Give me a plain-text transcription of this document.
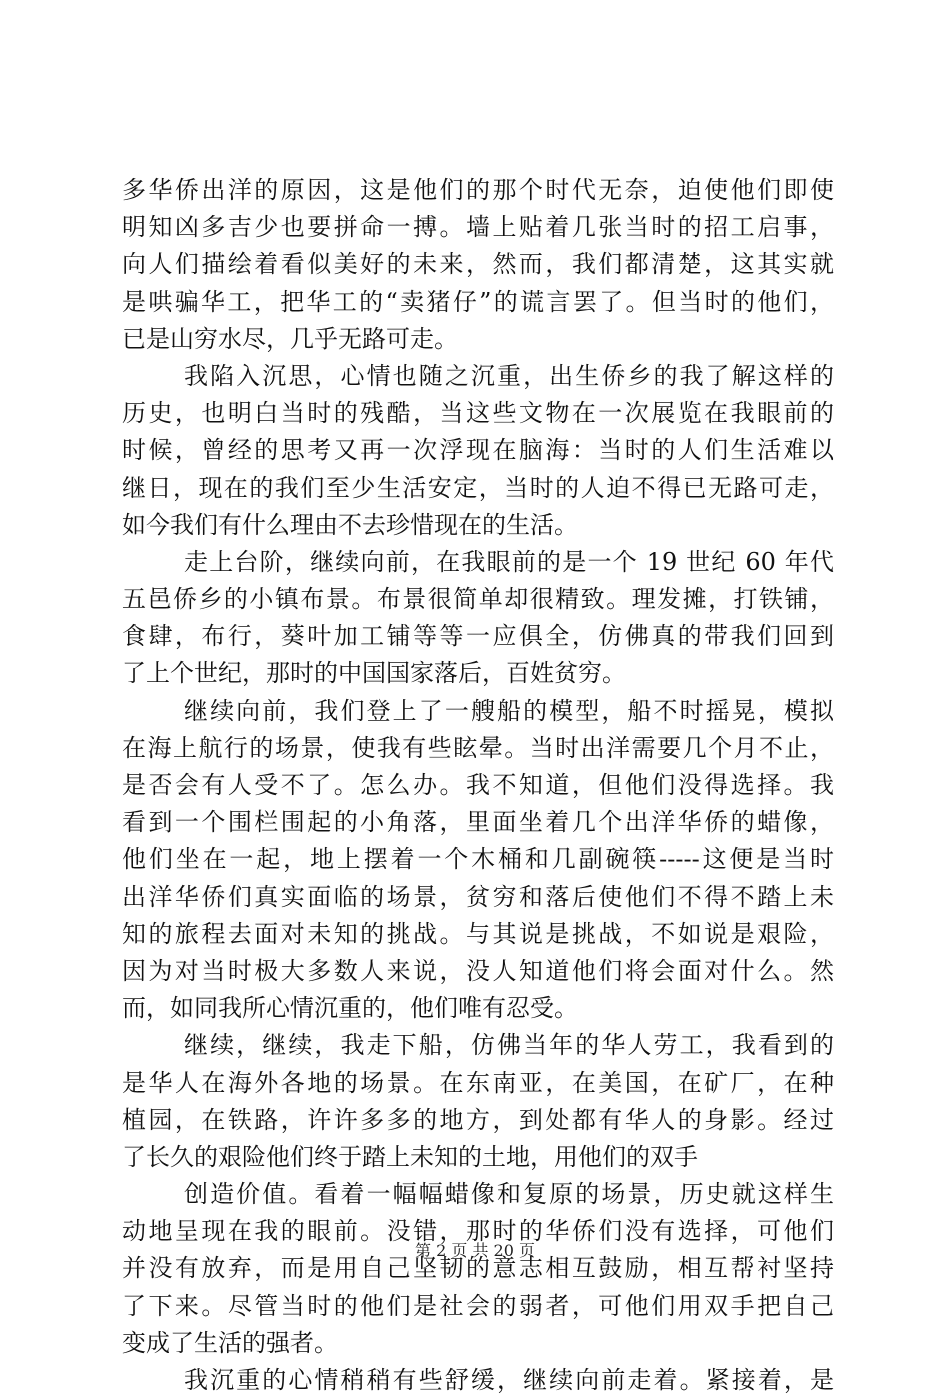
多华侨出洋的原因，这是他们的那个时代无奈，迫使他们即使
明知凶多吉少也要拼命一搏。墙上贴着几张当时的招工启事，
向人们描绘着看似美好的未来，然而，我们都清楚，这其实就
是哄骗华工，把华工的“卖猪仔”的谎言罢了。但当时的他们，
已是山穷水尽，几乎无路可走。
我陷入沉思，心情也随之沉重，出生侨乡的我了解这样的
历史，也明白当时的残酷，当这些文物在一次展览在我眼前的
时候，曾经的思考又再一次浮现在脑海：当时的人们生活难以
继日，现在的我们至少生活安定，当时的人迫不得已无路可走，
如今我们有什么理由不去珍惜现在的生活。
走上台阶，继续向前，在我眼前的是一个 19 世纪 60 年代
五邑侨乡的小镇布景。布景很简单却很精致。理发摊，打铁铺，
食肆，布行，葵叶加工铺等等一应俱全，仿佛真的带我们回到
了上个世纪，那时的中国国家落后，百姓贫穷。
继续向前，我们登上了一艘船的模型，船不时摇晃，模拟
在海上航行的场景，使我有些眩晕。当时出洋需要几个月不止，
是否会有人受不了。怎么办。我不知道，但他们没得选择。我
看到一个围栏围起的小角落，里面坐着几个出洋华侨的蜡像，
他们坐在一起，地上摆着一个木桶和几副碗筷-----这便是当时
出洋华侨们真实面临的场景，贫穷和落后使他们不得不踏上未
知的旅程去面对未知的挑战。与其说是挑战，不如说是艰险，
因为对当时极大多数人来说，没人知道他们将会面对什么。然
而，如同我所心情沉重的，他们唯有忍受。
继续，继续，我走下船，仿佛当年的华人劳工，我看到的
是华人在海外各地的场景。在东南亚，在美国，在矿厂，在种
植园，在铁路，许许多多的地方，到处都有华人的身影。经过
了长久的艰险他们终于踏上未知的土地，用他们的双手
创造价值。看着一幅幅蜡像和复原的场景，历史就这样生
动地呈现在我的眼前。没错，那时的华侨们没有选择，可他们
并没有放弃，而是用自己坚韧的意志相互鼓励，相互帮衬坚持
了下来。尽管当时的他们是社会的弱者，可他们用双手把自己
变成了生活的强者。
我沉重的心情稍稍有些舒缓，继续向前走着。紧接着，是
第 2 页 共 20 页
